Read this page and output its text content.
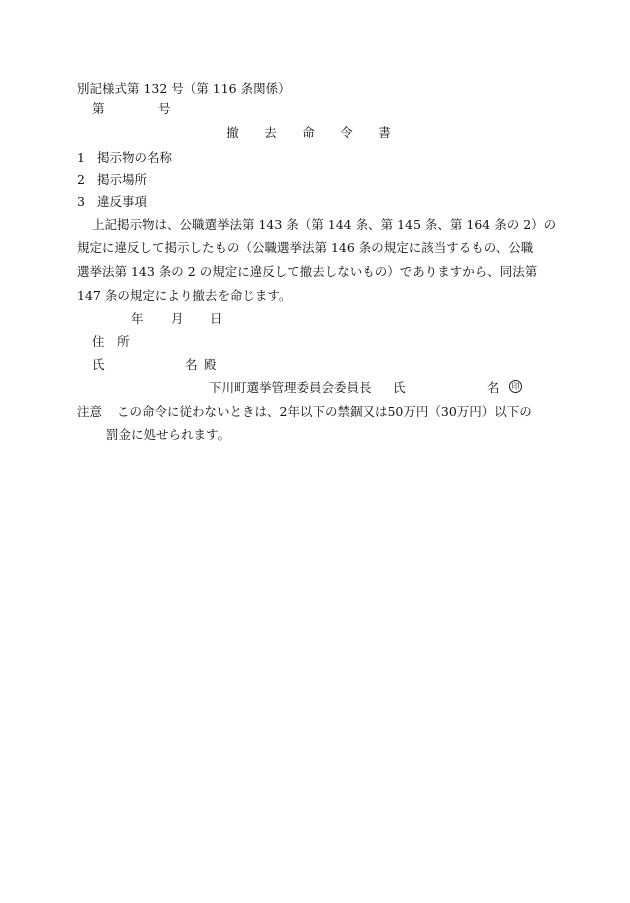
別記様式第 132 号（第 116 条関係）
第	号
撤 去 命 令 書
1 掲示物の名称
2 掲示場所
3 違反事項
上記掲示物は、公職選挙法第 143 条（第 144 条、第 145 条、第 164 条の 2）の
規定に違反して掲示したもの（公職選挙法第 146 条の規定に該当するもの、公職
選挙法第 143 条の 2 の規定に違反して撤去しないもの）でありますから、同法第
147 条の規定により撤去を命じます。
年 月 日
住　所
氏	名 殿
下川町選挙管理委員会委員長 氏	名	印
注意 この命令に従わないときは、2年以下の禁錮又は50万円（30万円）以下の
罰金に処せられます。
